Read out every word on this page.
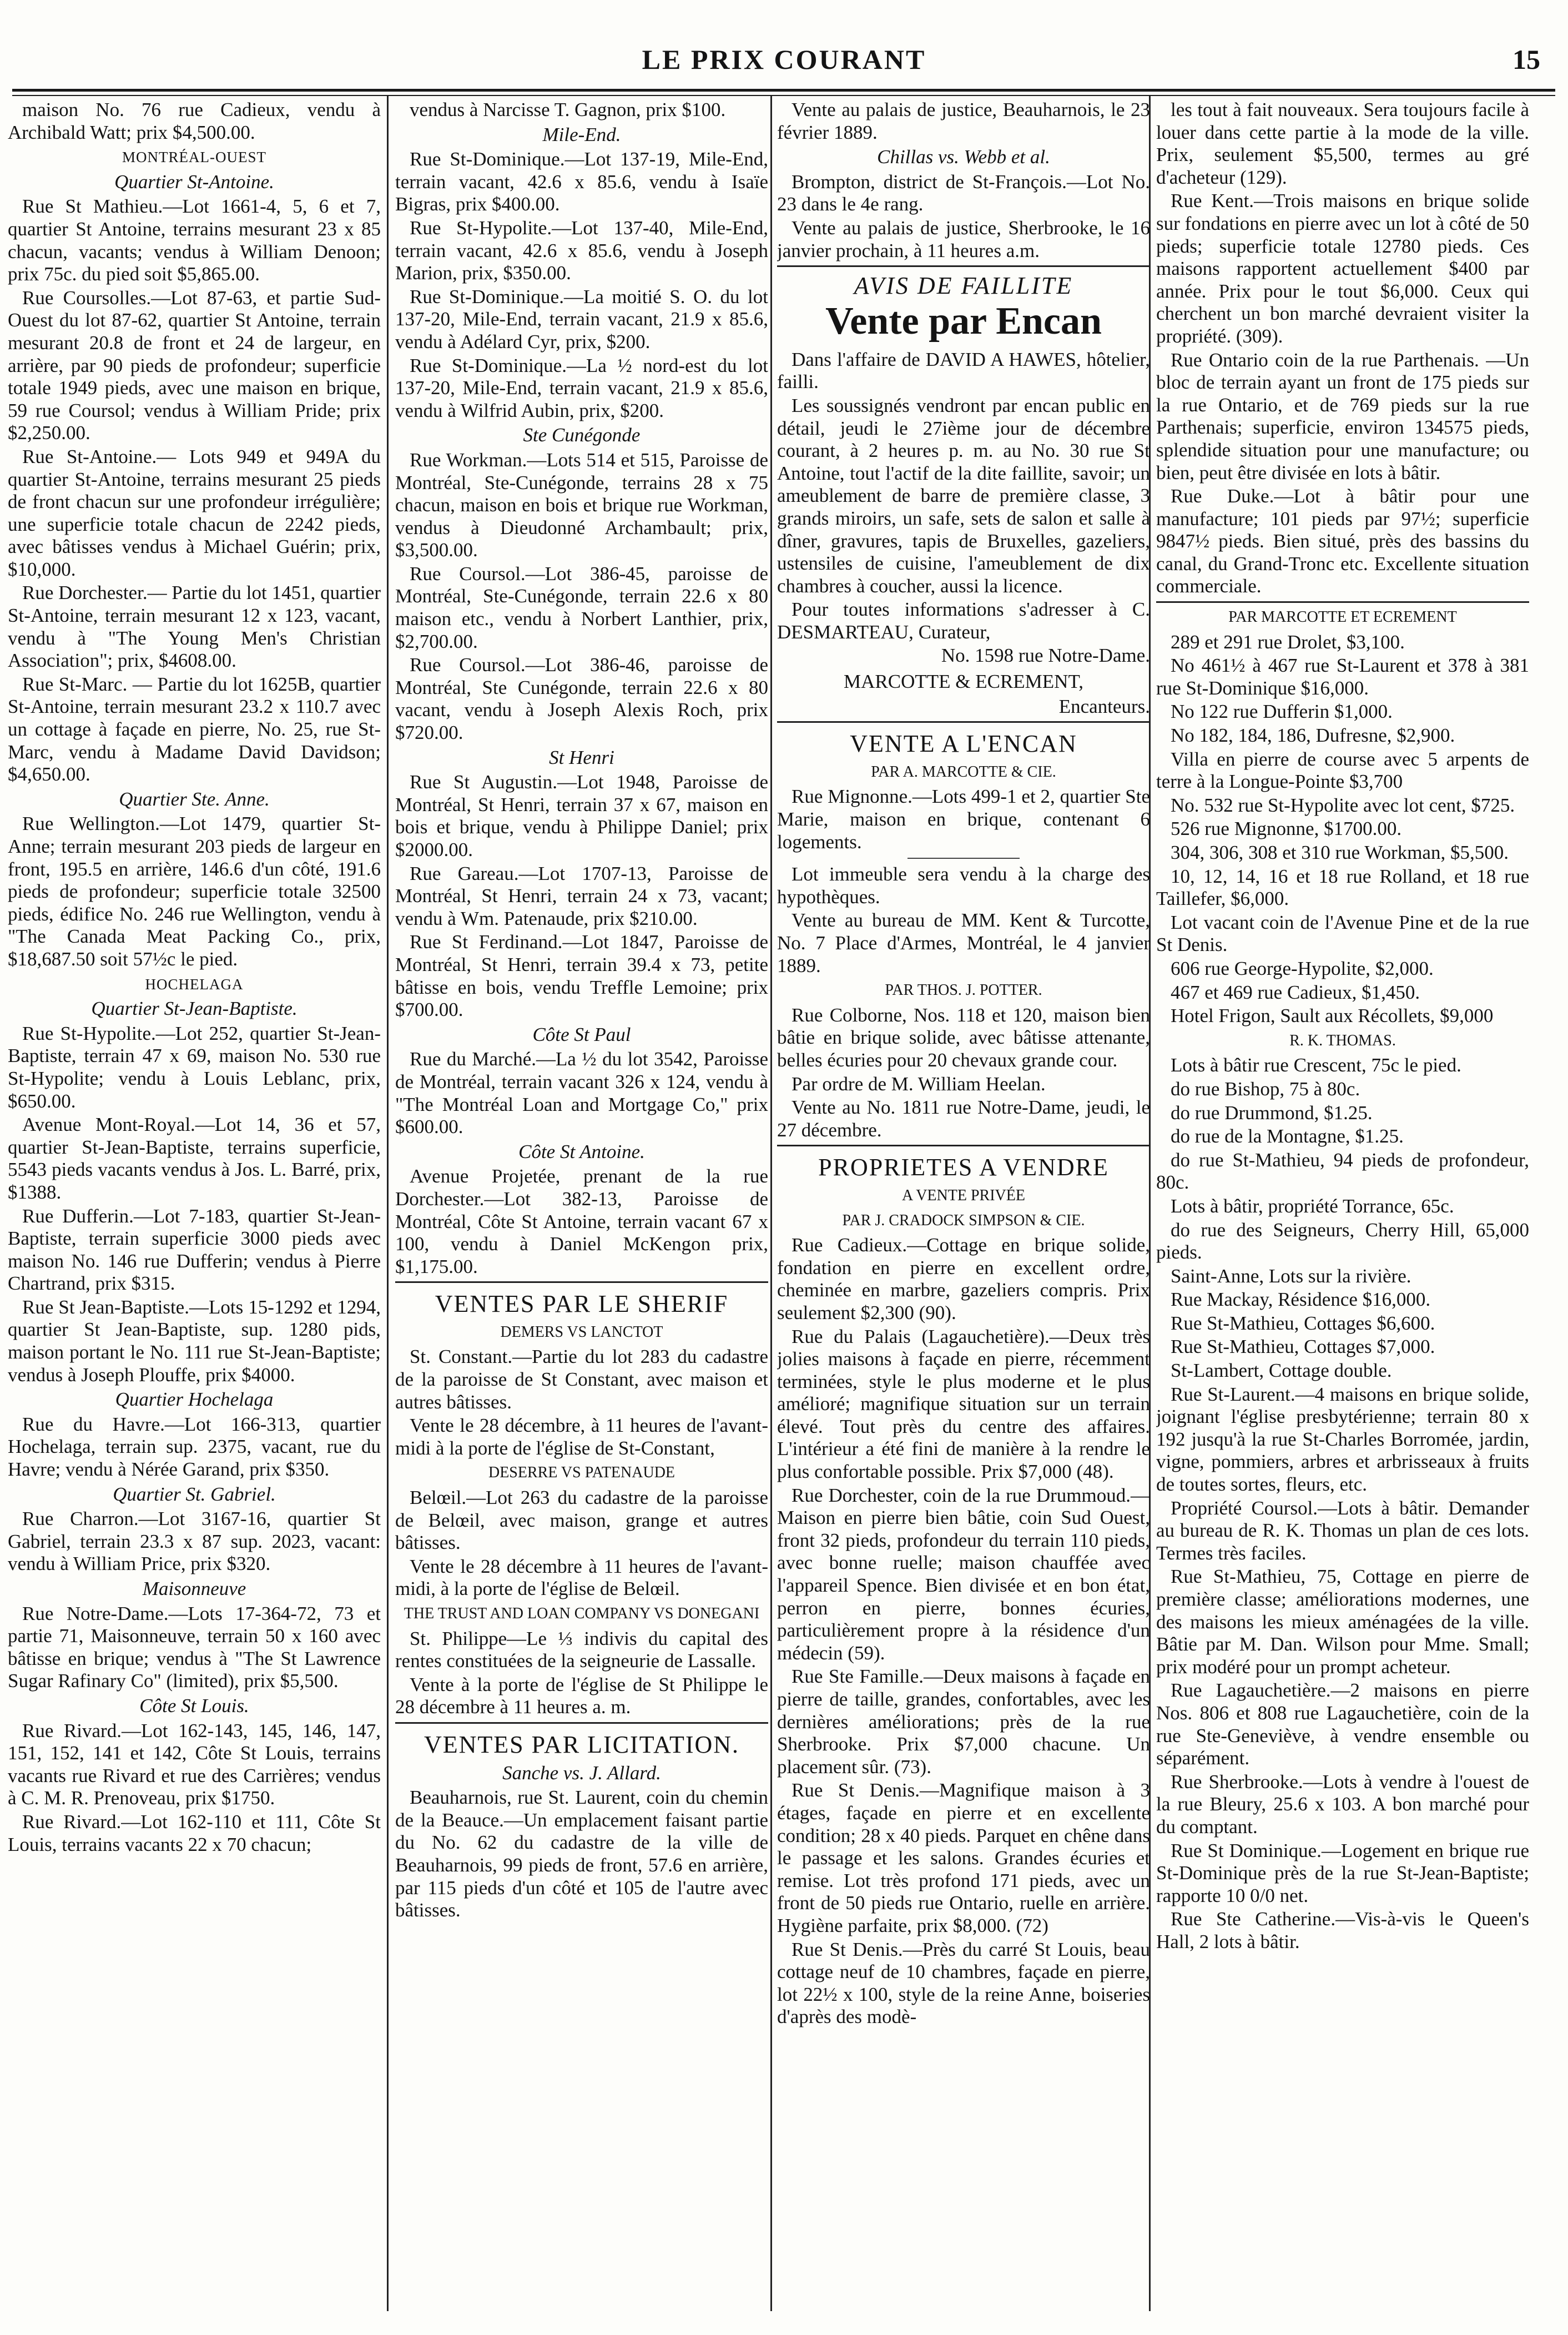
LE PRIX COURANT	15

maison No. 76 rue Cadieux, vendu à Archibald Watt; prix $4,500.00.

MONTRÉAL-OUEST
Quartier St-Antoine.

Rue St Mathieu.—Lot 1661-4, 5, 6 et 7, quartier St Antoine, terrains mesurant 23 x 85 chacun, vacants; vendus à William Denoon; prix 75c. du pied soit $5,865.00.

Rue Coursolles.—Lot 87-63, et partie Sud-Ouest du lot 87-62, quartier St Antoine, terrain mesurant 20.8 de front et 24 de largeur, en arrière, par 90 pieds de profondeur; superficie totale 1949 pieds, avec une maison en brique, 59 rue Coursol; vendus à William Pride; prix $2,250.00.

Rue St-Antoine.— Lots 949 et 949A du quartier St-Antoine, terrains mesurant 25 pieds de front chacun sur une profondeur irrégulière; une superficie totale chacun de 2242 pieds, avec bâtisses vendus à Michael Guérin; prix, $10,000.

Rue Dorchester.— Partie du lot 1451, quartier St-Antoine, terrain mesurant 12 x 123, vacant, vendu à "The Young Men's Christian Association"; prix, $4608.00.

Rue St-Marc. — Partie du lot 1625B, quartier St-Antoine, terrain mesurant 23.2 x 110.7 avec un cottage à façade en pierre, No. 25, rue St-Marc, vendu à Madame David Davidson; $4,650.00.

Quartier Ste. Anne.

Rue Wellington.—Lot 1479, quartier St-Anne; terrain mesurant 203 pieds de largeur en front, 195.5 en arrière, 146.6 d'un côté, 191.6 pieds de profondeur; superficie totale 32500 pieds, édifice No. 246 rue Wellington, vendu à "The Canada Meat Packing Co., prix, $18,687.50 soit 57½c le pied.

HOCHELAGA
Quartier St-Jean-Baptiste.

Rue St-Hypolite.—Lot 252, quartier St-Jean-Baptiste, terrain 47 x 69, maison No. 530 rue St-Hypolite; vendu à Louis Leblanc, prix, $650.00.

Avenue Mont-Royal.—Lot 14, 36 et 57, quartier St-Jean-Baptiste, terrains superficie, 5543 pieds vacants vendus à Jos. L. Barré, prix, $1388.

Rue Dufferin.—Lot 7-183, quartier St-Jean-Baptiste, terrain superficie 3000 pieds avec maison No. 146 rue Dufferin; vendus à Pierre Chartrand, prix $315.

Rue St Jean-Baptiste.—Lots 15-1292 et 1294, quartier St Jean-Baptiste, sup. 1280 pids, maison portant le No. 111 rue St-Jean-Baptiste; vendus à Joseph Plouffe, prix $4000.

Quartier Hochelaga

Rue du Havre.—Lot 166-313, quartier Hochelaga, terrain sup. 2375, vacant, rue du Havre; vendu à Nérée Garand, prix $350.

Quartier St. Gabriel.

Rue Charron.—Lot 3167-16, quartier St Gabriel, terrain 23.3 x 87 sup. 2023, vacant: vendu à William Price, prix $320.

Maisonneuve

Rue Notre-Dame.—Lots 17-364-72, 73 et partie 71, Maisonneuve, terrain 50 x 160 avec bâtisse en brique; vendus à "The St Lawrence Sugar Rafinary Co" (limited), prix $5,500.

Côte St Louis.

Rue Rivard.—Lot 162-143, 145, 146, 147, 151, 152, 141 et 142, Côte St Louis, terrains vacants rue Rivard et rue des Carrières; vendus à C. M. R. Prenoveau, prix $1750.

Rue Rivard.—Lot 162-110 et 111, Côte St Louis, terrains vacants 22 x 70 chacun;

vendus à Narcisse T. Gagnon, prix $100.

Mile-End.

Rue St-Dominique.—Lot 137-19, Mile-End, terrain vacant, 42.6 x 85.6, vendu à Isaïe Bigras, prix $400.00.

Rue St-Hypolite.—Lot 137-40, Mile-End, terrain vacant, 42.6 x 85.6, vendu à Joseph Marion, prix, $350.00.

Rue St-Dominique.—La moitié S. O. du lot 137-20, Mile-End, terrain vacant, 21.9 x 85.6, vendu à Adélard Cyr, prix, $200.

Rue St-Dominique.—La ½ nord-est du lot 137-20, Mile-End, terrain vacant, 21.9 x 85.6, vendu à Wilfrid Aubin, prix, $200.

Ste Cunégonde

Rue Workman.—Lots 514 et 515, Paroisse de Montréal, Ste-Cunégonde, terrains 28 x 75 chacun, maison en bois et brique rue Workman, vendus à Dieudonné Archambault; prix, $3,500.00.

Rue Coursol.—Lot 386-45, paroisse de Montréal, Ste-Cunégonde, terrain 22.6 x 80 maison etc., vendu à Norbert Lanthier, prix, $2,700.00.

Rue Coursol.—Lot 386-46, paroisse de Montréal, Ste Cunégonde, terrain 22.6 x 80 vacant, vendu à Joseph Alexis Roch, prix $720.00.

St Henri

Rue St Augustin.—Lot 1948, Paroisse de Montréal, St Henri, terrain 37 x 67, maison en bois et brique, vendu à Philippe Daniel; prix $2000.00.

Rue Gareau.—Lot 1707-13, Paroisse de Montréal, St Henri, terrain 24 x 73, vacant; vendu à Wm. Patenaude, prix $210.00.

Rue St Ferdinand.—Lot 1847, Paroisse de Montréal, St Henri, terrain 39.4 x 73, petite bâtisse en bois, vendu Treffle Lemoine; prix $700.00.

Côte St Paul

Rue du Marché.—La ½ du lot 3542, Paroisse de Montréal, terrain vacant 326 x 124, vendu à "The Montréal Loan and Mortgage Co," prix $600.00.

Côte St Antoine.

Avenue Projetée, prenant de la rue Dorchester.—Lot 382-13, Paroisse de Montréal, Côte St Antoine, terrain vacant 67 x 100, vendu à Daniel McKengon prix, $1,175.00.

VENTES PAR LE SHERIF
DEMERS VS LANCTOT

St. Constant.—Partie du lot 283 du cadastre de la paroisse de St Constant, avec maison et autres bâtisses.

Vente le 28 décembre, à 11 heures de l'avant-midi à la porte de l'église de St-Constant,

DESERRE VS PATENAUDE

Belœil.—Lot 263 du cadastre de la paroisse de Belœil, avec maison, grange et autres bâtisses.

Vente le 28 décembre à 11 heures de l'avant-midi, à la porte de l'église de Belœil.

THE TRUST AND LOAN COMPANY VS DONEGANI

St. Philippe—Le ⅓ indivis du capital des rentes constituées de la seigneurie de Lassalle.

Vente à la porte de l'église de St Philippe le 28 décembre à 11 heures a. m.

VENTES PAR LICITATION.
Sanche vs. J. Allard.

Beauharnois, rue St. Laurent, coin du chemin de la Beauce.—Un emplacement faisant partie du No. 62 du cadastre de la ville de Beauharnois, 99 pieds de front, 57.6 en arrière, par 115 pieds d'un côté et 105 de l'autre avec bâtisses.

Vente au palais de justice, Beauharnois, le 23 février 1889.

Chillas vs. Webb et al.

Brompton, district de St-François.—Lot No. 23 dans le 4e rang.

Vente au palais de justice, Sherbrooke, le 16 janvier prochain, à 11 heures a.m.

AVIS DE FAILLITE
Vente par Encan

Dans l'affaire de DAVID A HAWES, hôtelier, failli.

Les soussignés vendront par encan public en détail, jeudi le 27ième jour de décembre courant, à 2 heures p. m. au No. 30 rue St Antoine, tout l'actif de la dite faillite, savoir; un ameublement de barre de première classe, 3 grands miroirs, un safe, sets de salon et salle à dîner, gravures, tapis de Bruxelles, gazeliers, ustensiles de cuisine, l'ameublement de dix chambres à coucher, aussi la licence.

Pour toutes informations s'adresser à C. DESMARTEAU, Curateur,

No. 1598 rue Notre-Dame.
MARCOTTE & ECREMENT,
Encanteurs.
VENTE A L'ENCAN
PAR A. MARCOTTE & CIE.

Rue Mignonne.—Lots 499-1 et 2, quartier Ste Marie, maison en brique, contenant 6 logements.

Lot immeuble sera vendu à la charge des hypothèques.

Vente au bureau de MM. Kent & Turcotte, No. 7 Place d'Armes, Montréal, le 4 janvier 1889.

PAR THOS. J. POTTER.

Rue Colborne, Nos. 118 et 120, maison bien bâtie en brique solide, avec bâtisse attenante, belles écuries pour 20 chevaux grande cour.

Par ordre de M. William Heelan.

Vente au No. 1811 rue Notre-Dame, jeudi, le 27 décembre.

PROPRIETES A VENDRE
A VENTE PRIVÉE
PAR J. CRADOCK SIMPSON & CIE.

Rue Cadieux.—Cottage en brique solide, fondation en pierre en excellent ordre, cheminée en marbre, gazeliers compris. Prix seulement $2,300 (90).

Rue du Palais (Lagauchetière).—Deux très jolies maisons à façade en pierre, récemment terminées, style le plus moderne et le plus amélioré; magnifique situation sur un terrain élevé. Tout près du centre des affaires. L'intérieur a été fini de manière à la rendre le plus confortable possible. Prix $7,000 (48).

Rue Dorchester, coin de la rue Drummoud.—Maison en pierre bien bâtie, coin Sud Ouest, front 32 pieds, profondeur du terrain 110 pieds, avec bonne ruelle; maison chauffée avec l'appareil Spence. Bien divisée et en bon état, perron en pierre, bonnes écuries, particulièrement propre à la résidence d'un médecin (59).

Rue Ste Famille.—Deux maisons à façade en pierre de taille, grandes, confortables, avec les dernières améliorations; près de la rue Sherbrooke. Prix $7,000 chacune. Un placement sûr. (73).

Rue St Denis.—Magnifique maison à 3 étages, façade en pierre et en excellente condition; 28 x 40 pieds. Parquet en chêne dans le passage et les salons. Grandes écuries et remise. Lot très profond 171 pieds, avec un front de 50 pieds rue Ontario, ruelle en arrière. Hygiène parfaite, prix $8,000. (72)

Rue St Denis.—Près du carré St Louis, beau cottage neuf de 10 chambres, façade en pierre, lot 22½ x 100, style de la reine Anne, boiseries d'après des modè-

les tout à fait nouveaux. Sera toujours facile à louer dans cette partie à la mode de la ville. Prix, seulement $5,500, termes au gré d'acheteur (129).

Rue Kent.—Trois maisons en brique solide sur fondations en pierre avec un lot à côté de 50 pieds; superficie totale 12780 pieds. Ces maisons rapportent actuellement $400 par année. Prix pour le tout $6,000. Ceux qui cherchent un bon marché devraient visiter la propriété. (309).

Rue Ontario coin de la rue Parthenais. —Un bloc de terrain ayant un front de 175 pieds sur la rue Ontario, et de 769 pieds sur la rue Parthenais; superficie, environ 134575 pieds, splendide situation pour une manufacture; ou bien, peut être divisée en lots à bâtir.

Rue Duke.—Lot à bâtir pour une manufacture; 101 pieds par 97½; superficie 9847½ pieds. Bien situé, près des bassins du canal, du Grand-Tronc etc. Excellente situation commerciale.

PAR MARCOTTE ET ECREMENT

289 et 291 rue Drolet, $3,100.

No 461½ à 467 rue St-Laurent et 378 à 381 rue St-Dominique $16,000.

No 122 rue Dufferin $1,000.

No 182, 184, 186, Dufresne, $2,900.

Villa en pierre de course avec 5 arpents de terre à la Longue-Pointe $3,700

No. 532 rue St-Hypolite avec lot cent, $725.

526 rue Mignonne, $1700.00.

304, 306, 308 et 310 rue Workman, $5,500.

10, 12, 14, 16 et 18 rue Rolland, et 18 rue Taillefer, $6,000.

Lot vacant coin de l'Avenue Pine et de la rue St Denis.

606 rue George-Hypolite, $2,000.

467 et 469 rue Cadieux, $1,450.

Hotel Frigon, Sault aux Récollets, $9,000

R. K. THOMAS.

Lots à bâtir rue Crescent, 75c le pied.

do rue Bishop, 75 à 80c.

do rue Drummond, $1.25.

do rue de la Montagne, $1.25.

do rue St-Mathieu, 94 pieds de profondeur, 80c.

Lots à bâtir, propriété Torrance, 65c.

do rue des Seigneurs, Cherry Hill, 65,000 pieds.

Saint-Anne, Lots sur la rivière.

Rue Mackay, Résidence $16,000.

Rue St-Mathieu, Cottages $6,600.

Rue St-Mathieu, Cottages $7,000.

St-Lambert, Cottage double.

Rue St-Laurent.—4 maisons en brique solide, joignant l'église presbytérienne; terrain 80 x 192 jusqu'à la rue St-Charles Borromée, jardin, vigne, pommiers, arbres et arbrisseaux à fruits de toutes sortes, fleurs, etc.

Propriété Coursol.—Lots à bâtir. Demander au bureau de R. K. Thomas un plan de ces lots. Termes très faciles.

Rue St-Mathieu, 75, Cottage en pierre de première classe; améliorations modernes, une des maisons les mieux aménagées de la ville. Bâtie par M. Dan. Wilson pour Mme. Small; prix modéré pour un prompt acheteur.

Rue Lagauchetière.—2 maisons en pierre Nos. 806 et 808 rue Lagauchetière, coin de la rue Ste-Geneviève, à vendre ensemble ou séparément.

Rue Sherbrooke.—Lots à vendre à l'ouest de la rue Bleury, 25.6 x 103. A bon marché pour du comptant.

Rue St Dominique.—Logement en brique rue St-Dominique près de la rue St-Jean-Baptiste; rapporte 10 0/0 net.

Rue Ste Catherine.—Vis-à-vis le Queen's Hall, 2 lots à bâtir.
